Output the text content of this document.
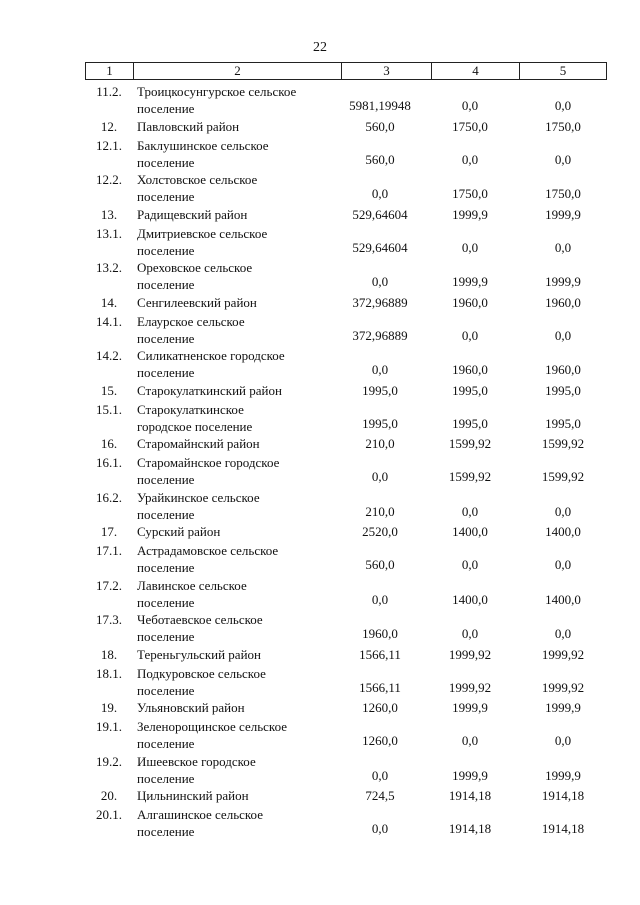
22
1	2	3	4	5
11.2.	Троицкосунгурское сельское
поселение	5981,19948	0,0	0,0
12.	Павловский район	560,0	1750,0	1750,0
12.1.	Баклушинское сельское
поселение	560,0	0,0	0,0
12.2.	Холстовское сельское
поселение	0,0	1750,0	1750,0
13.	Радищевский район	529,64604	1999,9	1999,9
13.1.	Дмитриевское сельское
поселение	529,64604	0,0	0,0
13.2.	Ореховское сельское
поселение	0,0	1999,9	1999,9
14.	Сенгилеевский район	372,96889	1960,0	1960,0
14.1.	Елаурское сельское
поселение	372,96889	0,0	0,0
14.2.	Силикатненское городское
поселение	0,0	1960,0	1960,0
15.	Старокулаткинский район	1995,0	1995,0	1995,0
15.1.	Старокулаткинское
городское поселение	1995,0	1995,0	1995,0
16.	Старомайнский район	210,0	1599,92	1599,92
16.1.	Старомайнское городское
поселение	0,0	1599,92	1599,92
16.2.	Урайкинское сельское
поселение	210,0	0,0	0,0
17.	Сурский район	2520,0	1400,0	1400,0
17.1.	Астрадамовское сельское
поселение	560,0	0,0	0,0
17.2.	Лавинское сельское
поселение	0,0	1400,0	1400,0
17.3.	Чеботаевское сельское
поселение	1960,0	0,0	0,0
18.	Тереньгульский район	1566,11	1999,92	1999,92
18.1.	Подкуровское сельское
поселение	1566,11	1999,92	1999,92
19.	Ульяновский район	1260,0	1999,9	1999,9
19.1.	Зеленорощинское сельское
поселение	1260,0	0,0	0,0
19.2.	Ишеевское городское
поселение	0,0	1999,9	1999,9
20.	Цильнинский район	724,5	1914,18	1914,18
20.1.	Алгашинское сельское
поселение	0,0	1914,18	1914,18
